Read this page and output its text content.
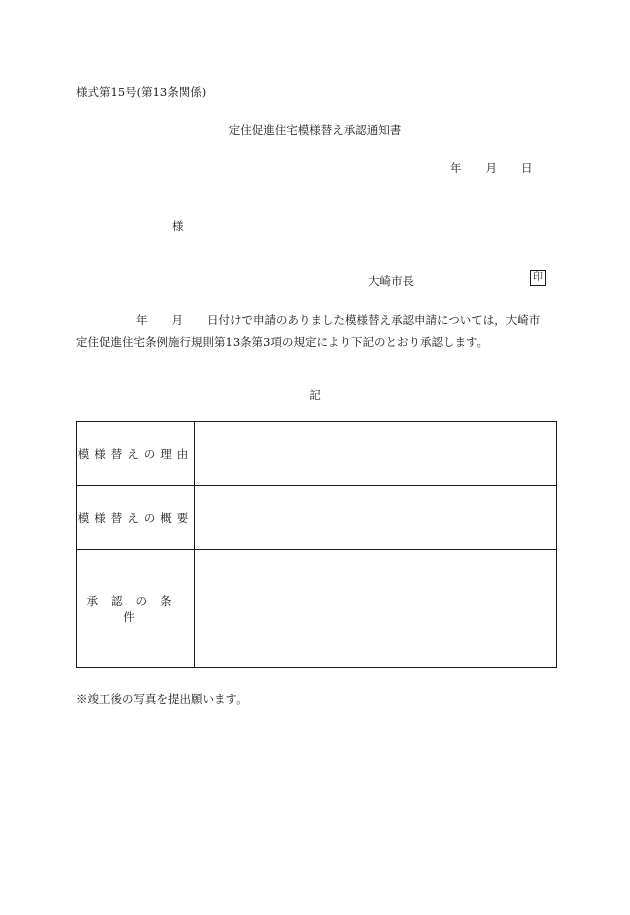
様式第15号(第13条関係)
定住促進住宅模様替え承認通知書
年 月 日
様
大崎市長	印
年 月 日付けで申請のありました模様替え承認申請については，大崎市
定住促進住宅条例施行規則第13条第3項の規定により下記のとおり承認します。
記
模様替えの理由	
模様替えの概要	
承認の条件	
※竣工後の写真を提出願います。
